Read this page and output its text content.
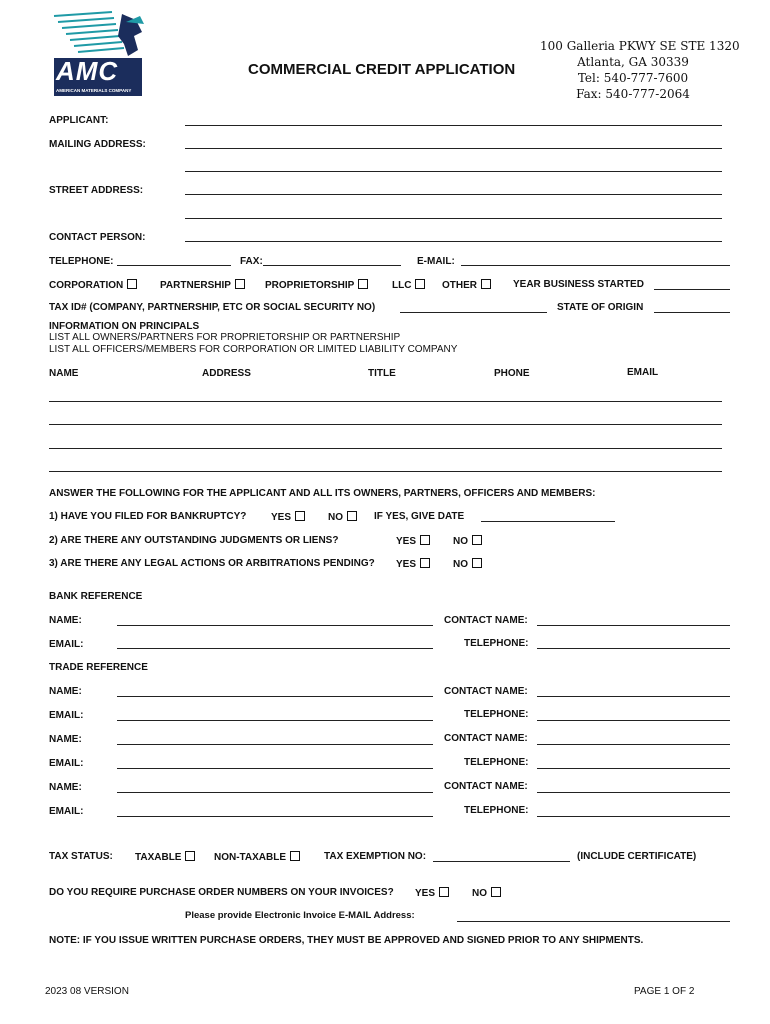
AMC
AMERICAN MATERIALS COMPANY
COMMERCIAL CREDIT APPLICATION
100 Galleria PKWY SE STE 1320
Atlanta, GA 30339
Tel: 540-777-7600
Fax: 540-777-2064
APPLICANT:
MAILING ADDRESS:
STREET ADDRESS:
CONTACT PERSON:
TELEPHONE:	FAX:	E-MAIL:
CORPORATION	PARTNERSHIP	PROPRIETORSHIP	LLC	OTHER	YEAR BUSINESS STARTED
TAX ID# (COMPANY, PARTNERSHIP, ETC OR SOCIAL SECURITY NO)	STATE OF ORIGIN
INFORMATION ON PRINCIPALS
LIST ALL OWNERS/PARTNERS FOR PROPRIETORSHIP OR PARTNERSHIP
LIST ALL OFFICERS/MEMBERS FOR CORPORATION OR LIMITED LIABILITY COMPANY
NAME	ADDRESS	TITLE	PHONE	EMAIL
ANSWER THE FOLLOWING FOR THE APPLICANT AND ALL ITS OWNERS, PARTNERS, OFFICERS AND MEMBERS:
1) HAVE YOU FILED FOR BANKRUPTCY? YES	NO	IF YES, GIVE DATE
2) ARE THERE ANY OUTSTANDING JUDGMENTS OR LIENS?	YES	NO
3) ARE THERE ANY LEGAL ACTIONS OR ARBITRATIONS PENDING? YES	NO
BANK REFERENCE
NAME:	CONTACT NAME:
EMAIL:	TELEPHONE:
TRADE REFERENCE
NAME:	CONTACT NAME:
EMAIL:	TELEPHONE:
NAME:	CONTACT NAME:
EMAIL:	TELEPHONE:
NAME:	CONTACT NAME:
EMAIL:	TELEPHONE:
TAX STATUS: TAXABLE	NON-TAXABLE	TAX EXEMPTION NO:	(INCLUDE CERTIFICATE)
DO YOU REQUIRE PURCHASE ORDER NUMBERS ON YOUR INVOICES? YES	NO
Please provide Electronic Invoice E-MAIL Address:
NOTE: IF YOU ISSUE WRITTEN PURCHASE ORDERS, THEY MUST BE APPROVED AND SIGNED PRIOR TO ANY SHIPMENTS.
2023 08 VERSION	PAGE 1 OF 2
